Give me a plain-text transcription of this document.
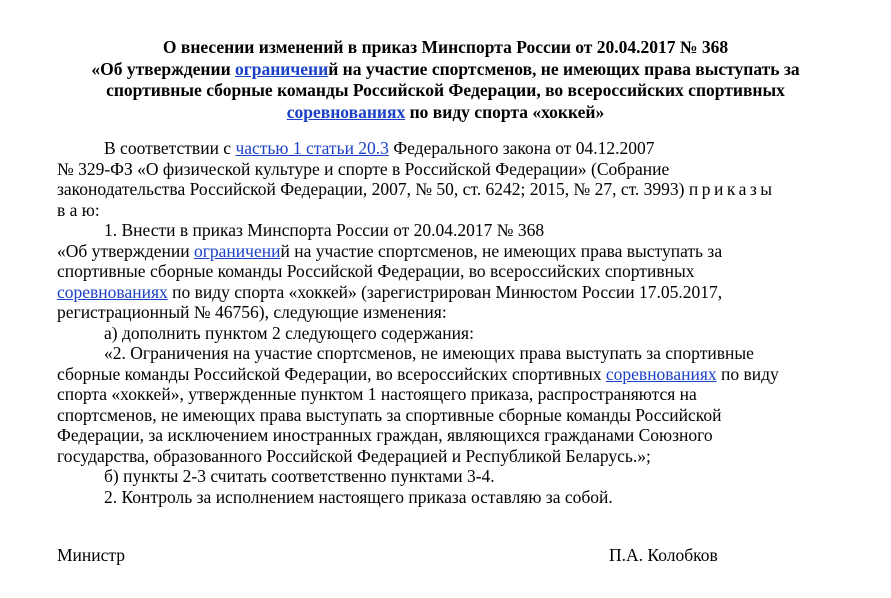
О внесении изменений в приказ Минспорта России от 20.04.2017 № 368
«Об утверждении ограничений на участие спортсменов, не имеющих права выступать за
спортивные сборные команды Российской Федерации, во всероссийских спортивных
соревнованиях по виду спорта «хоккей»
В соответствии с частью 1 статьи 20.3 Федерального закона от 04.12.2007
№ 329-ФЗ «О физической культуре и спорте в Российской Федерации» (Собрание
законодательства Российской Федерации, 2007, № 50, ст. 6242; 2015, № 27, ст. 3993) приказы
в а ю:
1. Внести в приказ Минспорта России от 20.04.2017 № 368
«Об утверждении ограничений на участие спортсменов, не имеющих права выступать за
спортивные сборные команды Российской Федерации, во всероссийских спортивных
соревнованиях по виду спорта «хоккей» (зарегистрирован Минюстом России 17.05.2017,
регистрационный № 46756), следующие изменения:
а) дополнить пунктом 2 следующего содержания:
«2. Ограничения на участие спортсменов, не имеющих права выступать за спортивные
сборные команды Российской Федерации, во всероссийских спортивных соревнованиях по виду
спорта «хоккей», утвержденные пунктом 1 настоящего приказа, распространяются на
спортсменов, не имеющих права выступать за спортивные сборные команды Российской
Федерации, за исключением иностранных граждан, являющихся гражданами Союзного
государства, образованного Российской Федерацией и Республикой Беларусь.»;
б) пункты 2-3 считать соответственно пунктами 3-4.
2. Контроль за исполнением настоящего приказа оставляю за собой.
Министр	П.А. Колобков
